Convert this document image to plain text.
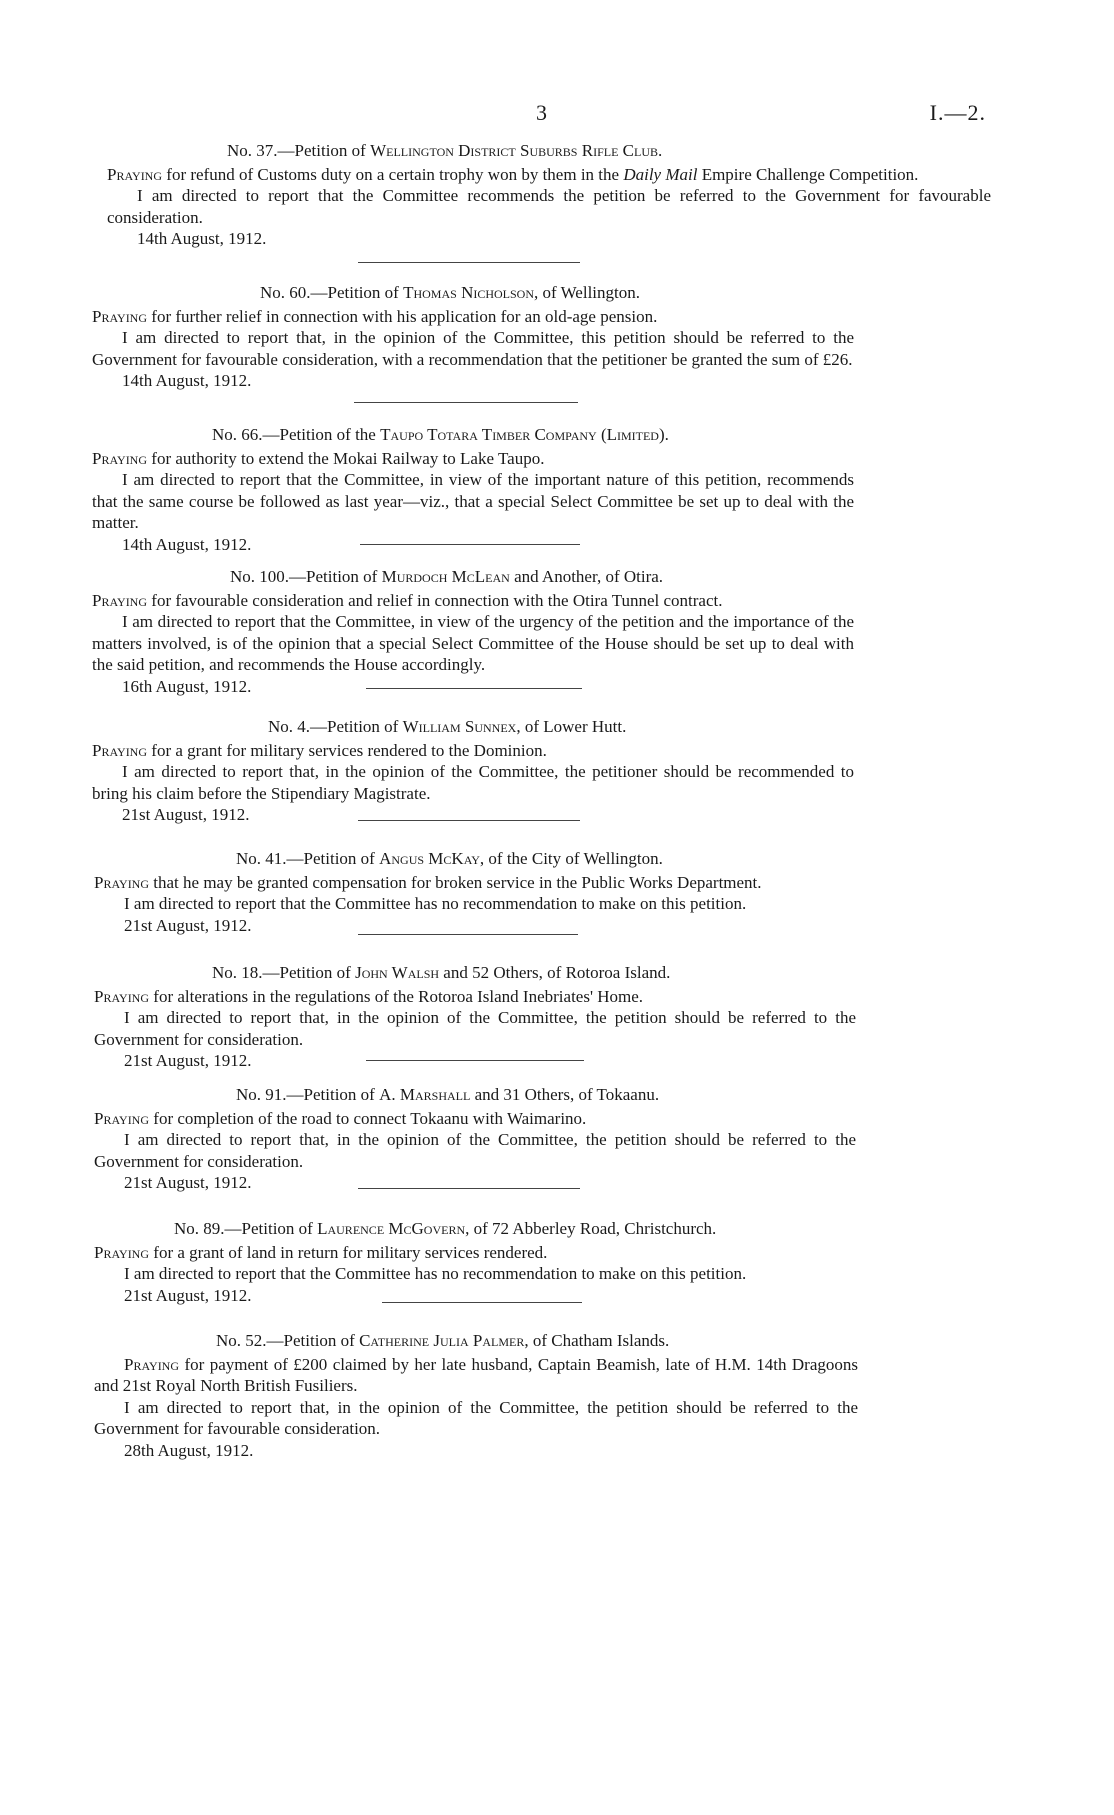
3	I.—2.
No. 37.—Petition of Wellington District Suburbs Rifle Club.
Praying for refund of Customs duty on a certain trophy won by them in the Daily Mail Empire Challenge Competition.
I am directed to report that the Committee recommends the petition be referred to the Government for favourable consideration.
14th August, 1912.
No. 60.—Petition of Thomas Nicholson, of Wellington.
Praying for further relief in connection with his application for an old-age pension.
I am directed to report that, in the opinion of the Committee, this petition should be referred to the Government for favourable consideration, with a recommendation that the petitioner be granted the sum of £26.
14th August, 1912.
No. 66.—Petition of the Taupo Totara Timber Company (Limited).
Praying for authority to extend the Mokai Railway to Lake Taupo.
I am directed to report that the Committee, in view of the important nature of this petition, recommends that the same course be followed as last year—viz., that a special Select Committee be set up to deal with the matter.
14th August, 1912.
No. 100.—Petition of Murdoch McLean and Another, of Otira.
Praying for favourable consideration and relief in connection with the Otira Tunnel contract.
I am directed to report that the Committee, in view of the urgency of the petition and the importance of the matters involved, is of the opinion that a special Select Committee of the House should be set up to deal with the said petition, and recommends the House accordingly.
16th August, 1912.
No. 4.—Petition of William Sunnex, of Lower Hutt.
Praying for a grant for military services rendered to the Dominion.
I am directed to report that, in the opinion of the Committee, the petitioner should be recommended to bring his claim before the Stipendiary Magistrate.
21st August, 1912.
No. 41.—Petition of Angus McKay, of the City of Wellington.
Praying that he may be granted compensation for broken service in the Public Works Department.
I am directed to report that the Committee has no recommendation to make on this petition.
21st August, 1912.
No. 18.—Petition of John Walsh and 52 Others, of Rotoroa Island.
Praying for alterations in the regulations of the Rotoroa Island Inebriates' Home.
I am directed to report that, in the opinion of the Committee, the petition should be referred to the Government for consideration.
21st August, 1912.
No. 91.—Petition of A. Marshall and 31 Others, of Tokaanu.
Praying for completion of the road to connect Tokaanu with Waimarino.
I am directed to report that, in the opinion of the Committee, the petition should be referred to the Government for consideration.
21st August, 1912.
No. 89.—Petition of Laurence McGovern, of 72 Abberley Road, Christchurch.
Praying for a grant of land in return for military services rendered.
I am directed to report that the Committee has no recommendation to make on this petition.
21st August, 1912.
No. 52.—Petition of Catherine Julia Palmer, of Chatham Islands.
Praying for payment of £200 claimed by her late husband, Captain Beamish, late of H.M. 14th Dragoons and 21st Royal North British Fusiliers.
I am directed to report that, in the opinion of the Committee, the petition should be referred to the Government for favourable consideration.
28th August, 1912.
